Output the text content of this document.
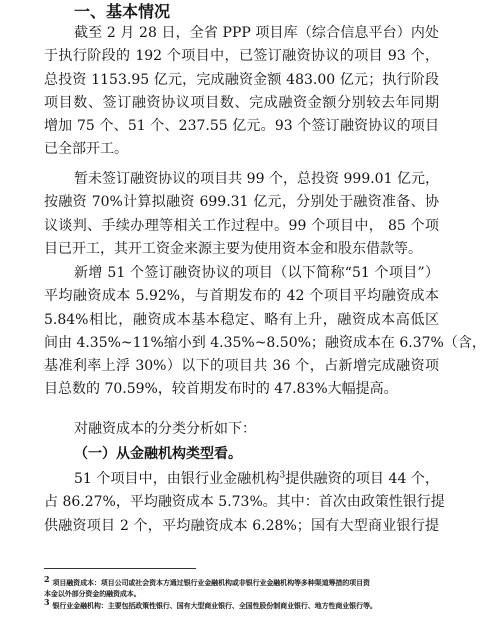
一、基本情况
截至 2 月 28 日，全省 PPP 项目库（综合信息平台）内处
于执行阶段的 192 个项目中，已签订融资协议的项目 93 个，
总投资 1153.95 亿元，完成融资金额 483.00 亿元；执行阶段
项目数、签订融资协议项目数、完成融资金额分别较去年同期
增加 75 个、51 个、237.55 亿元。93 个签订融资协议的项目
已全部开工。
暂未签订融资协议的项目共 99 个，总投资 999.01 亿元，
按融资 70%计算拟融资 699.31 亿元，分别处于融资准备、协
议谈判、手续办理等相关工作过程中。99 个项目中， 85 个项
目已开工，其开工资金来源主要为使用资本金和股东借款等。
新增 51 个签订融资协议的项目（以下简称“51 个项目”）
平均融资成本 5.92%，与首期发布的 42 个项目平均融资成本
5.84%相比，融资成本基本稳定、略有上升，融资成本高低区
间由 4.35%~11%缩小到 4.35%~8.50%；融资成本在 6.37%（含，
基准利率上浮 30%）以下的项目共 36 个，占新增完成融资项
目总数的 70.59%，较首期发布时的 47.83%大幅提高。
对融资成本的分类分析如下：
（一）从金融机构类型看。
51 个项目中，由银行业金融机构$^3$提供融资的项目 44 个，
占 86.27%，平均融资成本 5.73%。其中：首次由政策性银行提
供融资项目 2 个，平均融资成本 6.28%；国有大型商业银行提
2 项目融资成本：项目公司或社会资本方通过银行业金融机构或非银行业金融机构等多种渠道筹措的项目资
本金以外部分资金的融资成本。
3 银行业金融机构：主要包括政策性银行、国有大型商业银行、全国性股份制商业银行、地方性商业银行等。
